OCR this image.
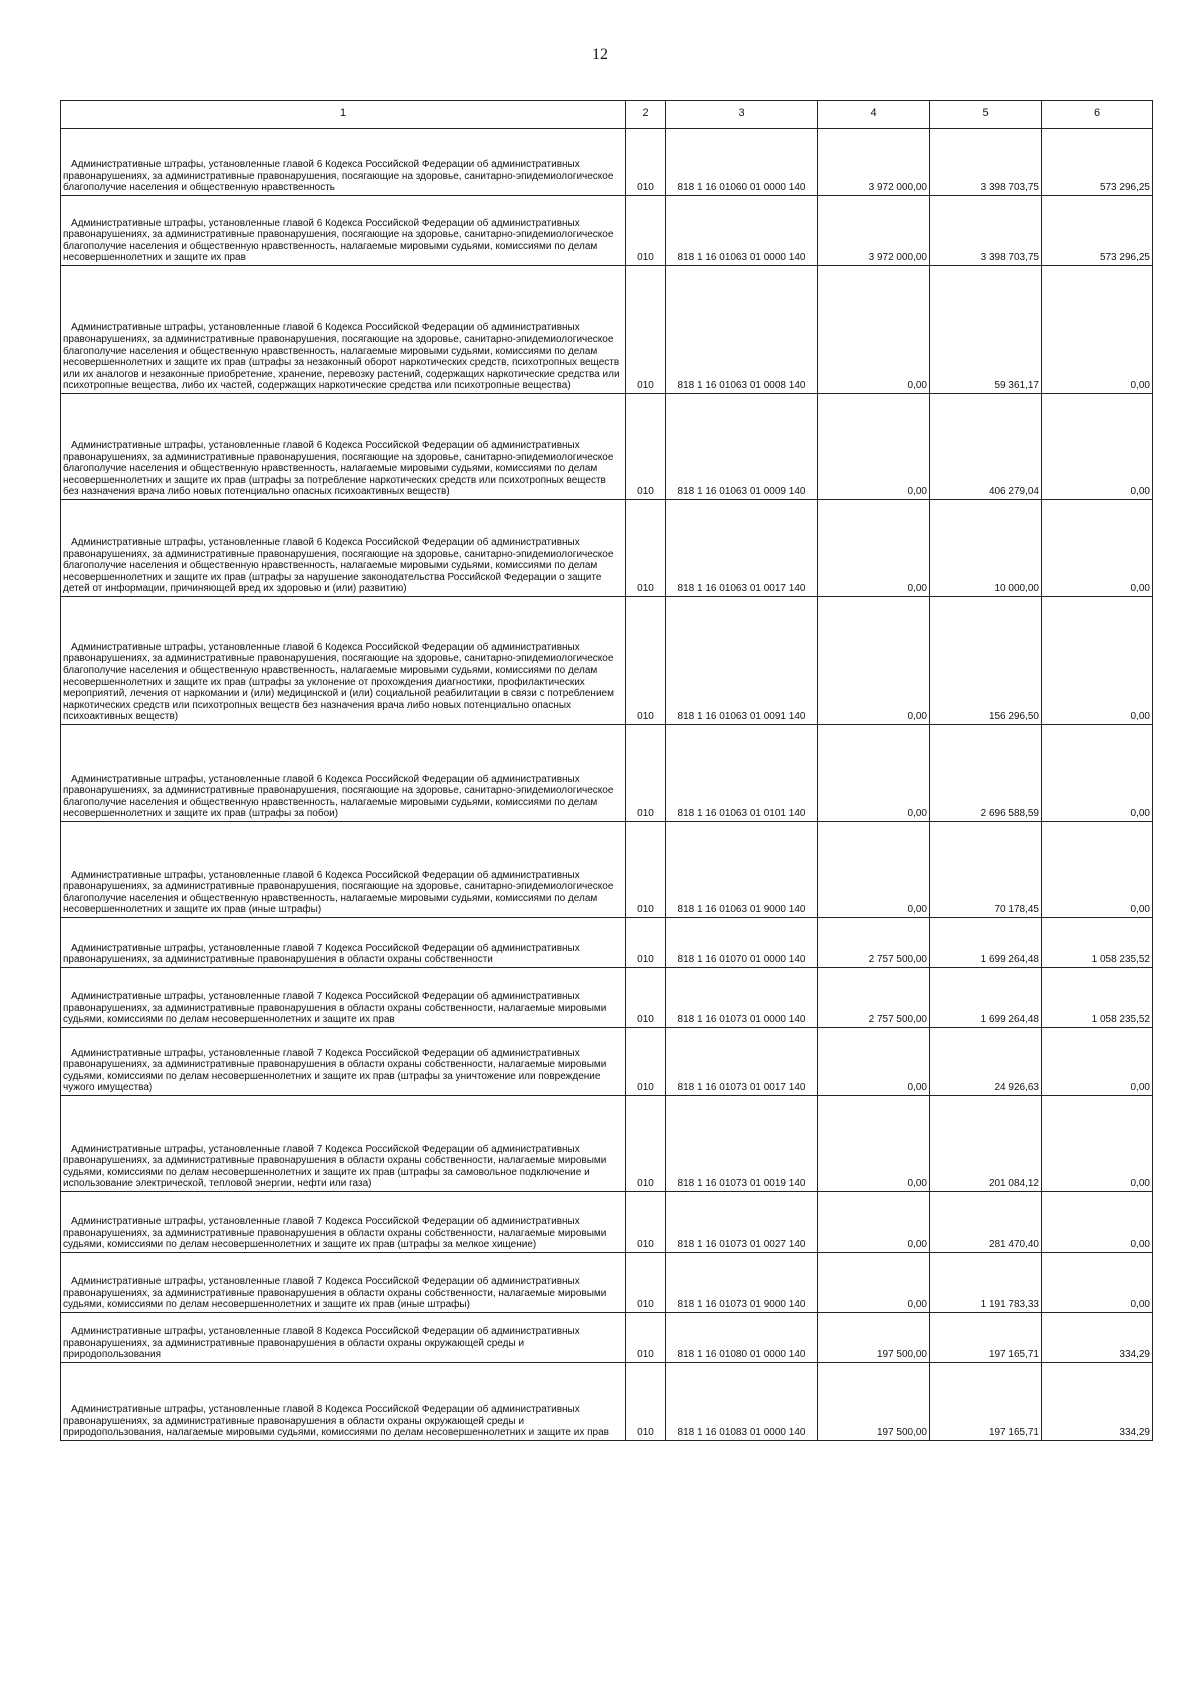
12
1	2	3	4	5	6

Административные штрафы, установленные главой 6 Кодекса Российской Федерации об административных правонарушениях, за административные правонарушения, посягающие на здоровье, санитарно-эпидемиологическое благополучие населения и общественную нравственность	010	818 1 16 01060 01 0000 140	3 972 000,00	3 398 703,75	573 296,25

Административные штрафы, установленные главой 6 Кодекса Российской Федерации об административных правонарушениях, за административные правонарушения, посягающие на здоровье, санитарно-эпидемиологическое благополучие населения и общественную нравственность, налагаемые мировыми судьями, комиссиями по делам несовершеннолетних и защите их прав	010	818 1 16 01063 01 0000 140	3 972 000,00	3 398 703,75	573 296,25

Административные штрафы, установленные главой 6 Кодекса Российской Федерации об административных правонарушениях, за административные правонарушения, посягающие на здоровье, санитарно-эпидемиологическое благополучие населения и общественную нравственность, налагаемые мировыми судьями, комиссиями по делам несовершеннолетних и защите их прав (штрафы за незаконный оборот наркотических средств, психотропных веществ или их аналогов и незаконные приобретение, хранение, перевозку растений, содержащих наркотические средства или психотропные вещества, либо их частей, содержащих наркотические средства или психотропные вещества)	010	818 1 16 01063 01 0008 140	0,00	59 361,17	0,00

Административные штрафы, установленные главой 6 Кодекса Российской Федерации об административных правонарушениях, за административные правонарушения, посягающие на здоровье, санитарно-эпидемиологическое благополучие населения и общественную нравственность, налагаемые мировыми судьями, комиссиями по делам несовершеннолетних и защите их прав (штрафы за потребление наркотических средств или психотропных веществ без назначения врача либо новых потенциально опасных психоактивных веществ)	010	818 1 16 01063 01 0009 140	0,00	406 279,04	0,00

Административные штрафы, установленные главой 6 Кодекса Российской Федерации об административных правонарушениях, за административные правонарушения, посягающие на здоровье, санитарно-эпидемиологическое благополучие населения и общественную нравственность, налагаемые мировыми судьями, комиссиями по делам несовершеннолетних и защите их прав (штрафы за нарушение законодательства Российской Федерации о защите детей от информации, причиняющей вред их здоровью и (или) развитию)	010	818 1 16 01063 01 0017 140	0,00	10 000,00	0,00

Административные штрафы, установленные главой 6 Кодекса Российской Федерации об административных правонарушениях, за административные правонарушения, посягающие на здоровье, санитарно-эпидемиологическое благополучие населения и общественную нравственность, налагаемые мировыми судьями, комиссиями по делам несовершеннолетних и защите их прав (штрафы за уклонение от прохождения диагностики, профилактических мероприятий, лечения от наркомании и (или) медицинской и (или) социальной реабилитации в связи с потреблением наркотических средств или психотропных веществ без назначения врача либо новых потенциально опасных психоактивных веществ)	010	818 1 16 01063 01 0091 140	0,00	156 296,50	0,00

Административные штрафы, установленные главой 6 Кодекса Российской Федерации об административных правонарушениях, за административные правонарушения, посягающие на здоровье, санитарно-эпидемиологическое благополучие населения и общественную нравственность, налагаемые мировыми судьями, комиссиями по делам несовершеннолетних и защите их прав (штрафы за побои)	010	818 1 16 01063 01 0101 140	0,00	2 696 588,59	0,00

Административные штрафы, установленные главой 6 Кодекса Российской Федерации об административных правонарушениях, за административные правонарушения, посягающие на здоровье, санитарно-эпидемиологическое благополучие населения и общественную нравственность, налагаемые мировыми судьями, комиссиями по делам несовершеннолетних и защите их прав (иные штрафы)	010	818 1 16 01063 01 9000 140	0,00	70 178,45	0,00

Административные штрафы, установленные главой 7 Кодекса Российской Федерации об административных правонарушениях, за административные правонарушения в области охраны собственности	010	818 1 16 01070 01 0000 140	2 757 500,00	1 699 264,48	1 058 235,52

Административные штрафы, установленные главой 7 Кодекса Российской Федерации об административных правонарушениях, за административные правонарушения в области охраны собственности, налагаемые мировыми судьями, комиссиями по делам несовершеннолетних и защите их прав	010	818 1 16 01073 01 0000 140	2 757 500,00	1 699 264,48	1 058 235,52

Административные штрафы, установленные главой 7 Кодекса Российской Федерации об административных правонарушениях, за административные правонарушения в области охраны собственности, налагаемые мировыми судьями, комиссиями по делам несовершеннолетних и защите их прав (штрафы за уничтожение или повреждение чужого имущества)	010	818 1 16 01073 01 0017 140	0,00	24 926,63	0,00

Административные штрафы, установленные главой 7 Кодекса Российской Федерации об административных правонарушениях, за административные правонарушения в области охраны собственности, налагаемые мировыми судьями, комиссиями по делам несовершеннолетних и защите их прав (штрафы за самовольное подключение и использование электрической, тепловой энергии, нефти или газа)	010	818 1 16 01073 01 0019 140	0,00	201 084,12	0,00

Административные штрафы, установленные главой 7 Кодекса Российской Федерации об административных правонарушениях, за административные правонарушения в области охраны собственности, налагаемые мировыми судьями, комиссиями по делам несовершеннолетних и защите их прав (штрафы за мелкое хищение)	010	818 1 16 01073 01 0027 140	0,00	281 470,40	0,00

Административные штрафы, установленные главой 7 Кодекса Российской Федерации об административных правонарушениях, за административные правонарушения в области охраны собственности, налагаемые мировыми судьями, комиссиями по делам несовершеннолетних и защите их прав (иные штрафы)	010	818 1 16 01073 01 9000 140	0,00	1 191 783,33	0,00

Административные штрафы, установленные главой 8 Кодекса Российской Федерации об административных правонарушениях, за административные правонарушения в области охраны окружающей среды и природопользования	010	818 1 16 01080 01 0000 140	197 500,00	197 165,71	334,29

Административные штрафы, установленные главой 8 Кодекса Российской Федерации об административных правонарушениях, за административные правонарушения в области охраны окружающей среды и природопользования, налагаемые мировыми судьями, комиссиями по делам несовершеннолетних и защите их прав	010	818 1 16 01083 01 0000 140	197 500,00	197 165,71	334,29
